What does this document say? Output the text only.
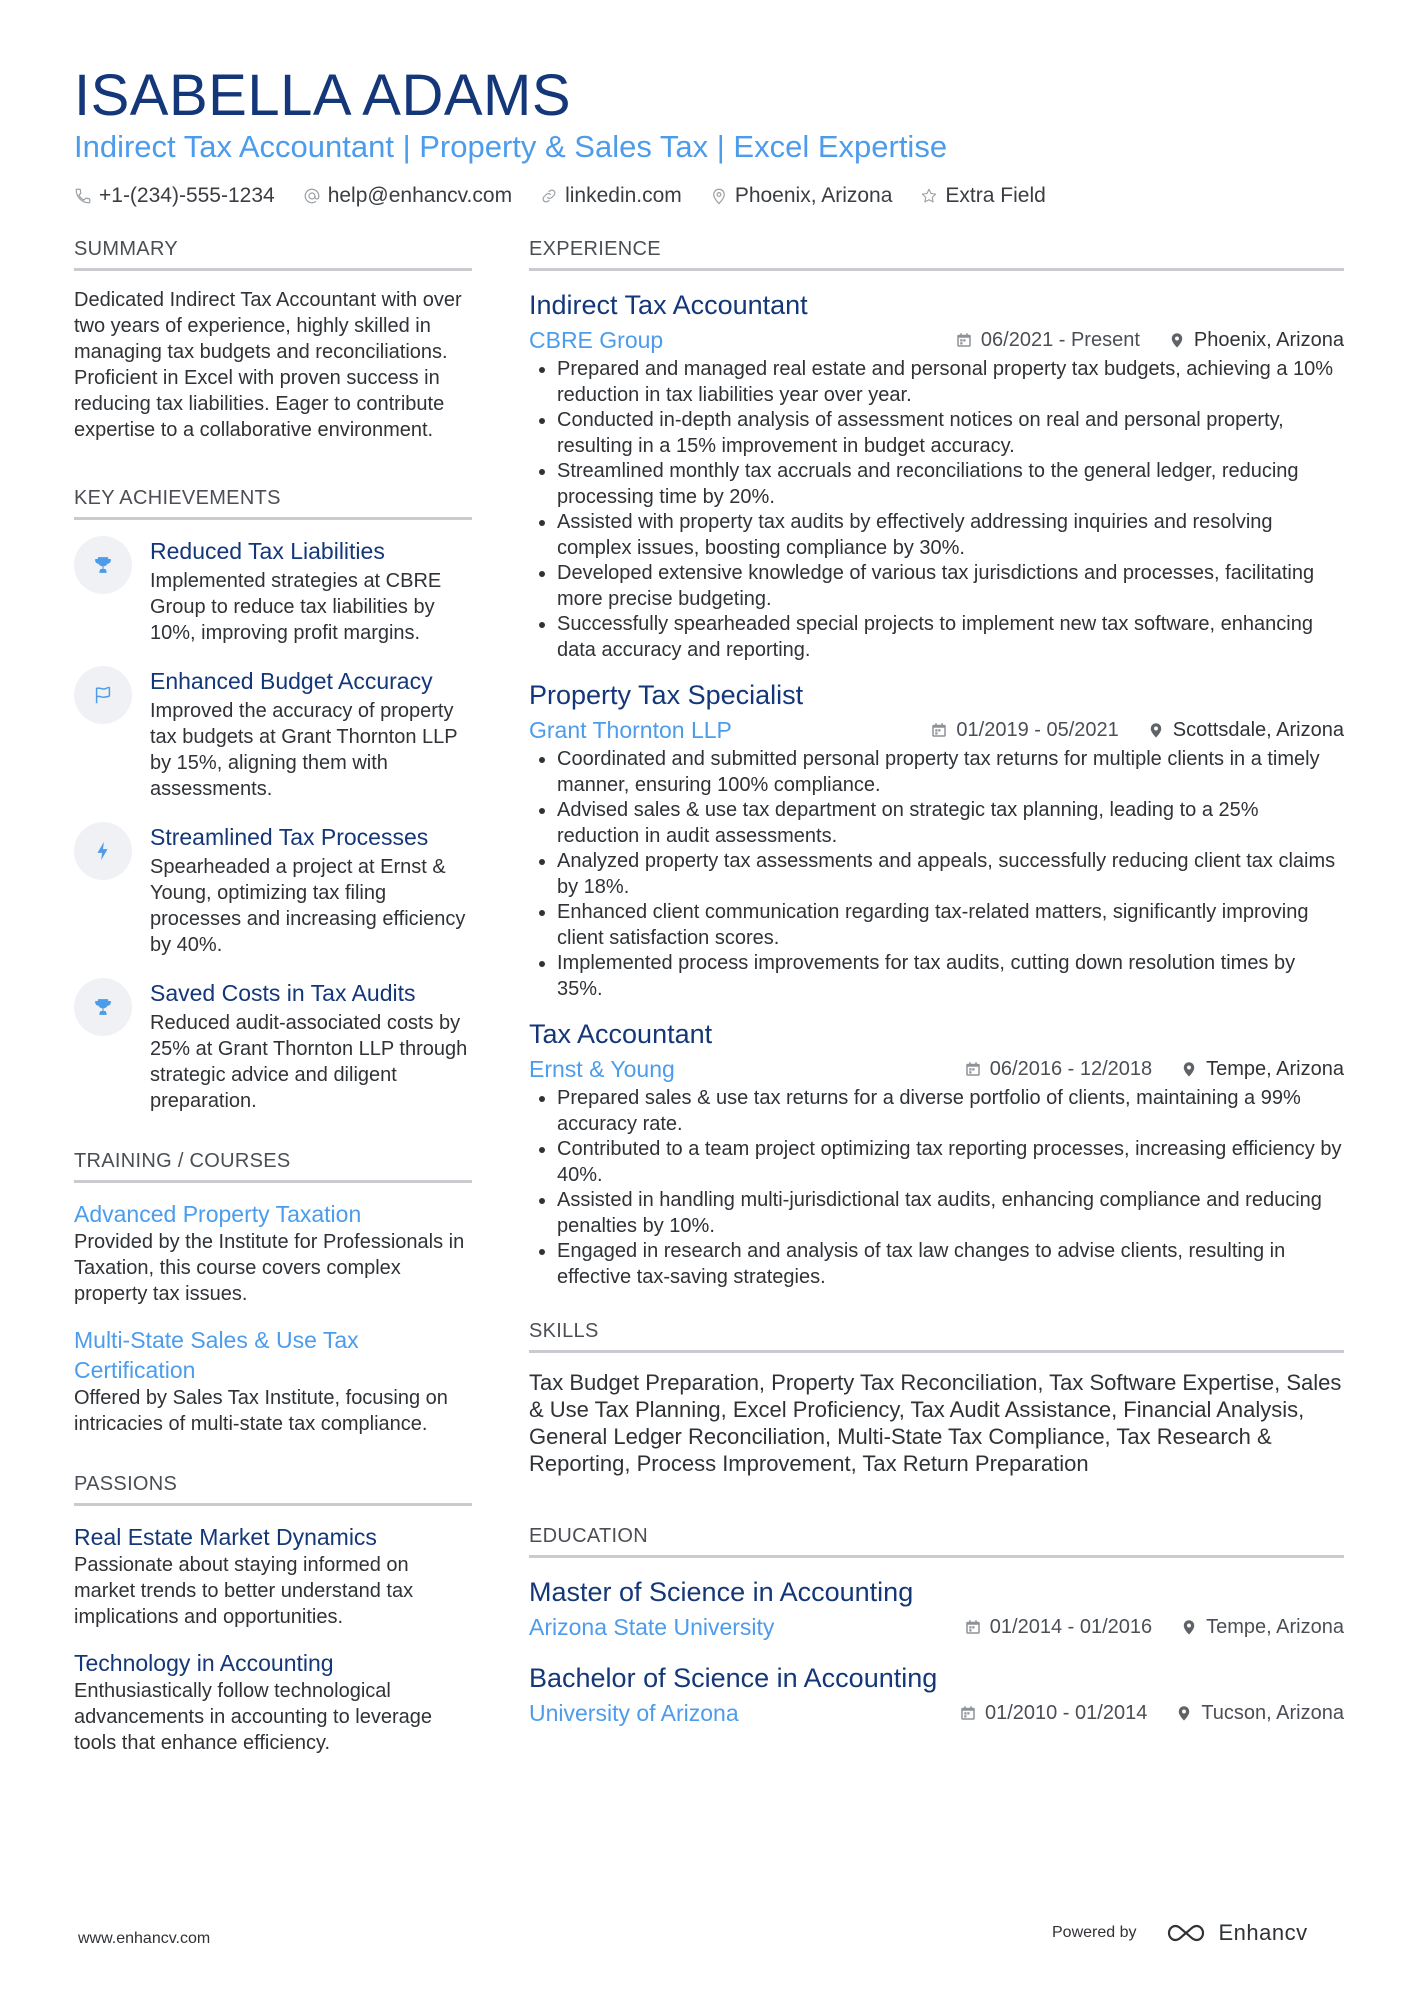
ISABELLA ADAMS
Indirect Tax Accountant | Property & Sales Tax | Excel Expertise
+1-(234)-555-1234	help@enhancv.com	linkedin.com	Phoenix, Arizona	Extra Field
SUMMARY
Dedicated Indirect Tax Accountant with over two years of experience, highly skilled in managing tax budgets and reconciliations. Proficient in Excel with proven success in reducing tax liabilities. Eager to contribute expertise to a collaborative environment.
KEY ACHIEVEMENTS
Reduced Tax Liabilities
Implemented strategies at CBRE Group to reduce tax liabilities by 10%, improving profit margins.
Enhanced Budget Accuracy
Improved the accuracy of property tax budgets at Grant Thornton LLP by 15%, aligning them with assessments.
Streamlined Tax Processes
Spearheaded a project at Ernst & Young, optimizing tax filing processes and increasing efficiency by 40%.
Saved Costs in Tax Audits
Reduced audit-associated costs by 25% at Grant Thornton LLP through strategic advice and diligent preparation.
TRAINING / COURSES
Advanced Property Taxation
Provided by the Institute for Professionals in Taxation, this course covers complex property tax issues.
Multi-State Sales & Use Tax Certification
Offered by Sales Tax Institute, focusing on intricacies of multi-state tax compliance.
PASSIONS
Real Estate Market Dynamics
Passionate about staying informed on market trends to better understand tax implications and opportunities.
Technology in Accounting
Enthusiastically follow technological advancements in accounting to leverage tools that enhance efficiency.
EXPERIENCE
Indirect Tax Accountant
CBRE Group	06/2021 - Present	Phoenix, Arizona
• Prepared and managed real estate and personal property tax budgets, achieving a 10% reduction in tax liabilities year over year.
• Conducted in-depth analysis of assessment notices on real and personal property, resulting in a 15% improvement in budget accuracy.
• Streamlined monthly tax accruals and reconciliations to the general ledger, reducing processing time by 20%.
• Assisted with property tax audits by effectively addressing inquiries and resolving complex issues, boosting compliance by 30%.
• Developed extensive knowledge of various tax jurisdictions and processes, facilitating more precise budgeting.
• Successfully spearheaded special projects to implement new tax software, enhancing data accuracy and reporting.
Property Tax Specialist
Grant Thornton LLP	01/2019 - 05/2021	Scottsdale, Arizona
• Coordinated and submitted personal property tax returns for multiple clients in a timely manner, ensuring 100% compliance.
• Advised sales & use tax department on strategic tax planning, leading to a 25% reduction in audit assessments.
• Analyzed property tax assessments and appeals, successfully reducing client tax claims by 18%.
• Enhanced client communication regarding tax-related matters, significantly improving client satisfaction scores.
• Implemented process improvements for tax audits, cutting down resolution times by 35%.
Tax Accountant
Ernst & Young	06/2016 - 12/2018	Tempe, Arizona
• Prepared sales & use tax returns for a diverse portfolio of clients, maintaining a 99% accuracy rate.
• Contributed to a team project optimizing tax reporting processes, increasing efficiency by 40%.
• Assisted in handling multi-jurisdictional tax audits, enhancing compliance and reducing penalties by 10%.
• Engaged in research and analysis of tax law changes to advise clients, resulting in effective tax-saving strategies.
SKILLS
Tax Budget Preparation, Property Tax Reconciliation, Tax Software Expertise, Sales & Use Tax Planning, Excel Proficiency, Tax Audit Assistance, Financial Analysis, General Ledger Reconciliation, Multi-State Tax Compliance, Tax Research & Reporting, Process Improvement, Tax Return Preparation
EDUCATION
Master of Science in Accounting
Arizona State University	01/2014 - 01/2016	Tempe, Arizona
Bachelor of Science in Accounting
University of Arizona	01/2010 - 01/2014	Tucson, Arizona
www.enhancv.com	Powered by	Enhancv
